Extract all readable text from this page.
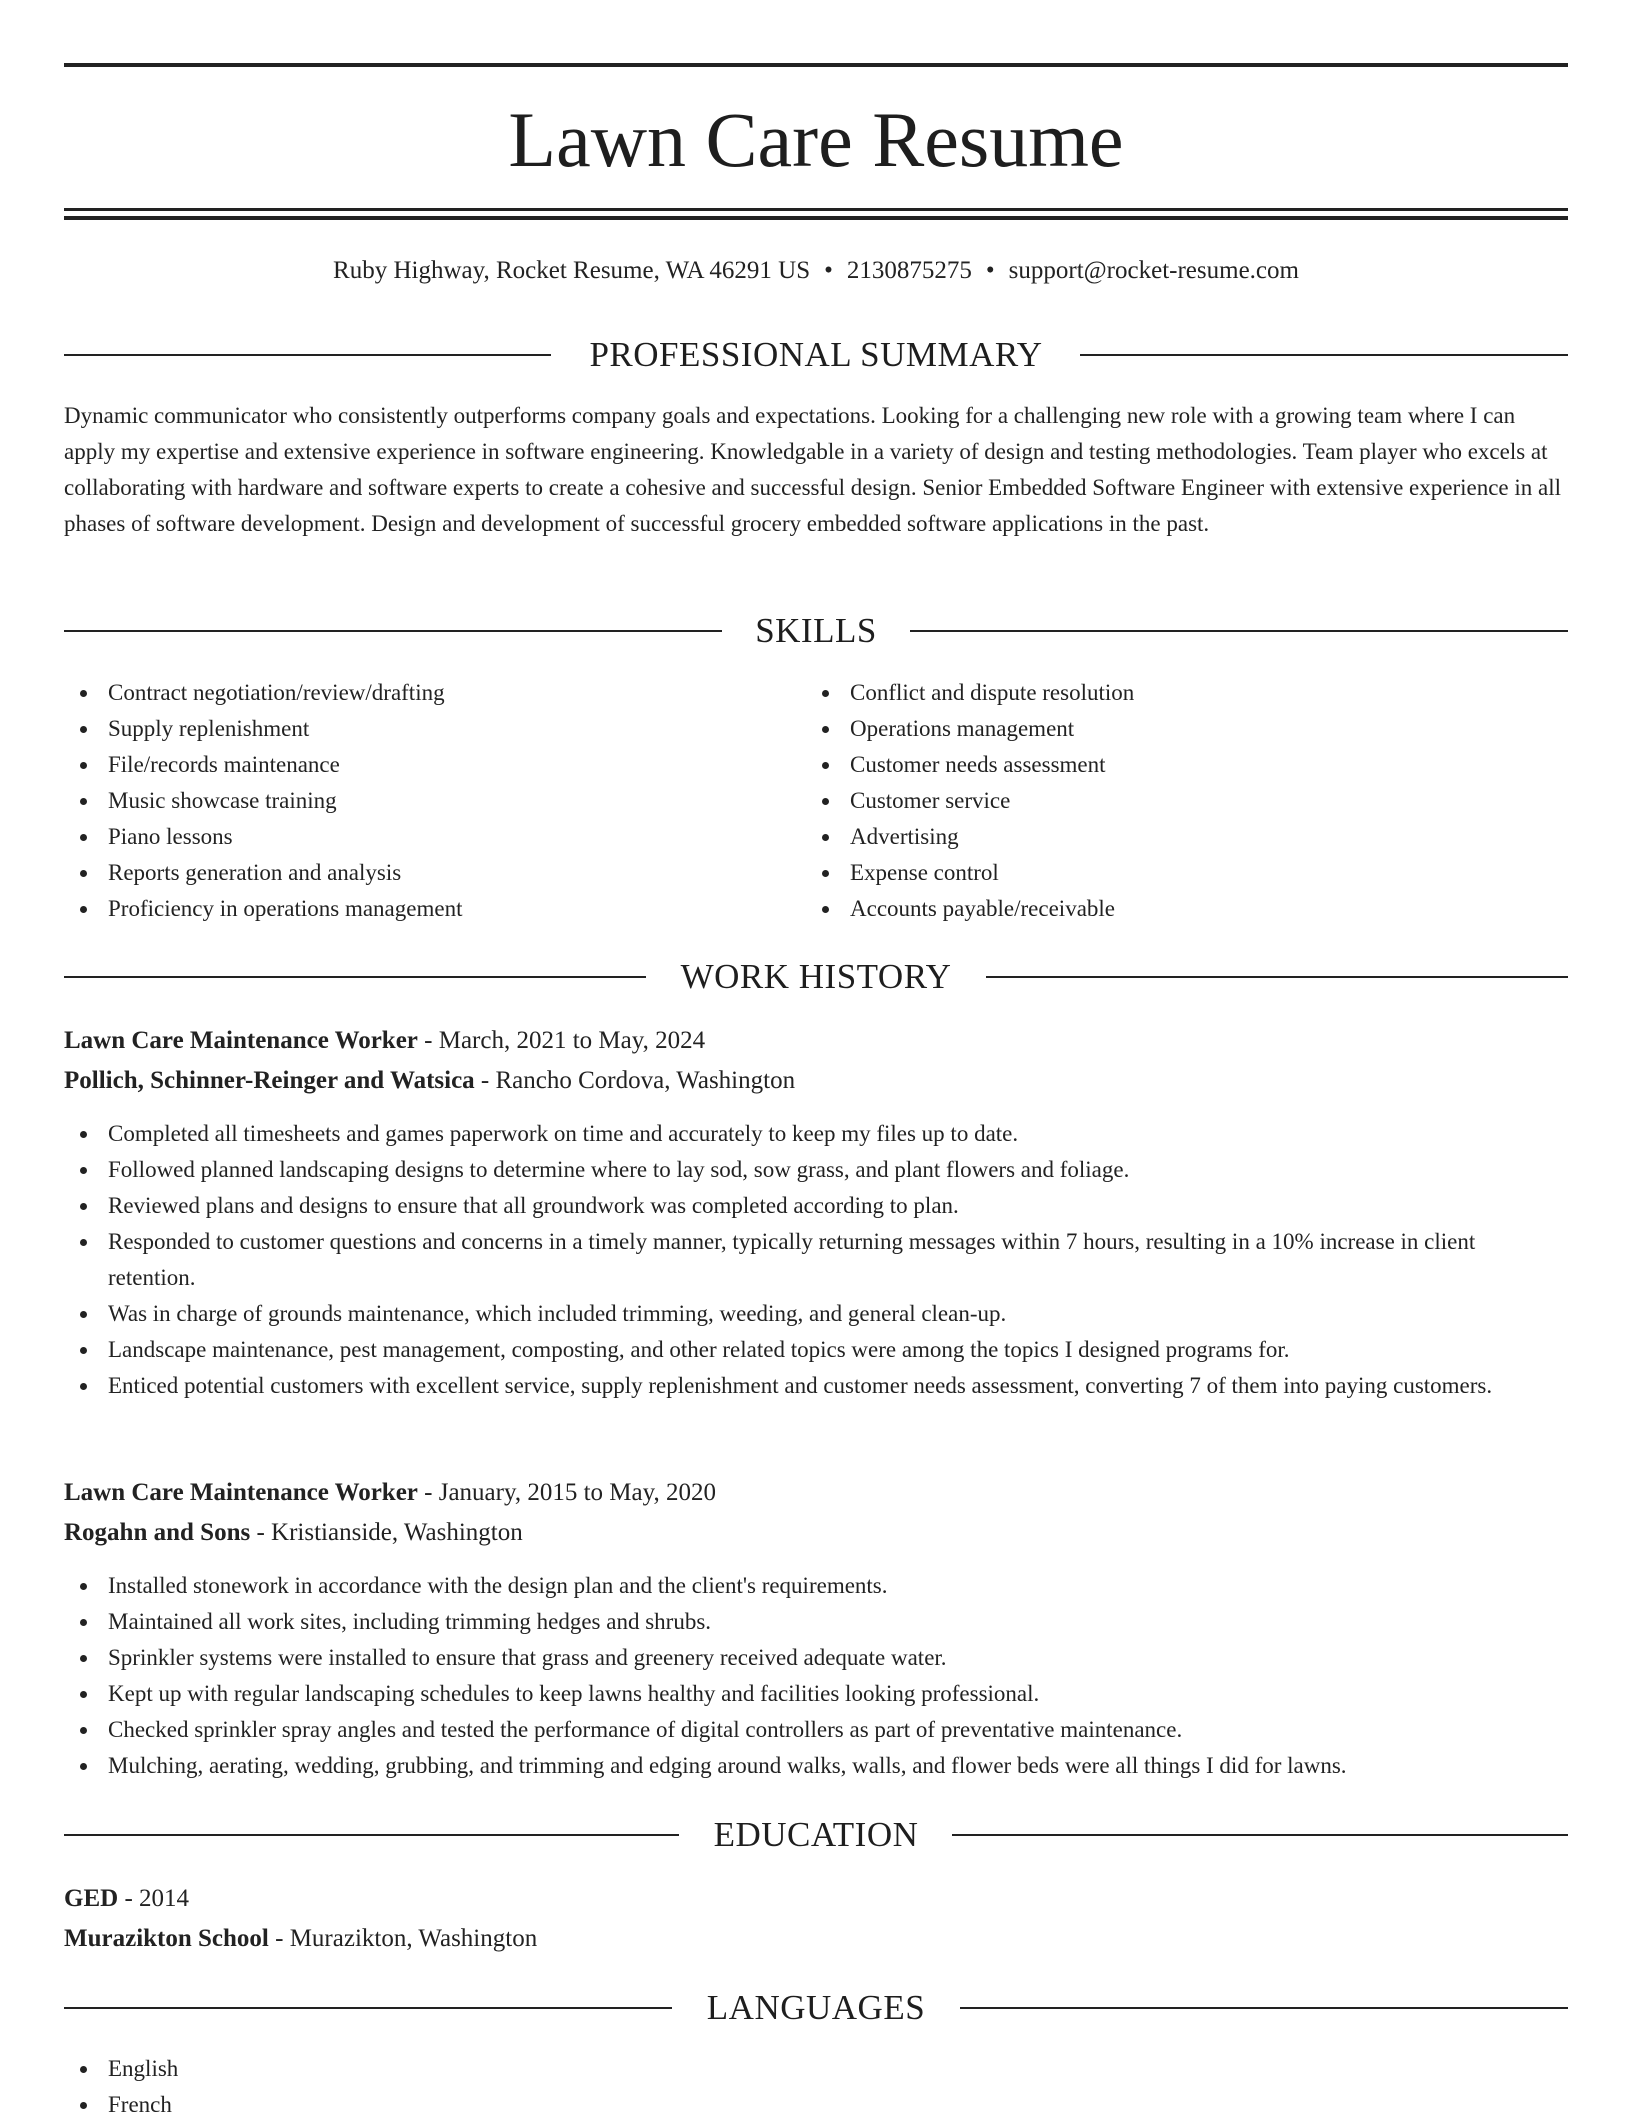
Lawn Care Resume
Ruby Highway, Rocket Resume, WA 46291 US • 2130875275 • support@rocket-resume.com
PROFESSIONAL SUMMARY

Dynamic communicator who consistently outperforms company goals and expectations. Looking for a challenging new role with a growing team where I can apply my expertise and extensive experience in software engineering. Knowledgable in a variety of design and testing methodologies. Team player who excels at collaborating with hardware and software experts to create a cohesive and successful design. Senior Embedded Software Engineer with extensive experience in all phases of software development. Design and development of successful grocery embedded software applications in the past.

SKILLS
Contract negotiation/review/drafting
Supply replenishment
File/records maintenance
Music showcase training
Piano lessons
Reports generation and analysis
Proficiency in operations management
Conflict and dispute resolution
Operations management
Customer needs assessment
Customer service
Advertising
Expense control
Accounts payable/receivable
WORK HISTORY
Lawn Care Maintenance Worker - March, 2021 to May, 2024
Pollich, Schinner-Reinger and Watsica - Rancho Cordova, Washington
Completed all timesheets and games paperwork on time and accurately to keep my files up to date.
Followed planned landscaping designs to determine where to lay sod, sow grass, and plant flowers and foliage.
Reviewed plans and designs to ensure that all groundwork was completed according to plan.
Responded to customer questions and concerns in a timely manner, typically returning messages within 7 hours, resulting in a 10% increase in client retention.
Was in charge of grounds maintenance, which included trimming, weeding, and general clean-up.
Landscape maintenance, pest management, composting, and other related topics were among the topics I designed programs for.
Enticed potential customers with excellent service, supply replenishment and customer needs assessment, converting 7 of them into paying customers.
Lawn Care Maintenance Worker - January, 2015 to May, 2020
Rogahn and Sons - Kristianside, Washington
Installed stonework in accordance with the design plan and the client's requirements.
Maintained all work sites, including trimming hedges and shrubs.
Sprinkler systems were installed to ensure that grass and greenery received adequate water.
Kept up with regular landscaping schedules to keep lawns healthy and facilities looking professional.
Checked sprinkler spray angles and tested the performance of digital controllers as part of preventative maintenance.
Mulching, aerating, wedding, grubbing, and trimming and edging around walks, walls, and flower beds were all things I did for lawns.
EDUCATION
GED - 2014
Murazikton School - Murazikton, Washington
LANGUAGES
English
French
